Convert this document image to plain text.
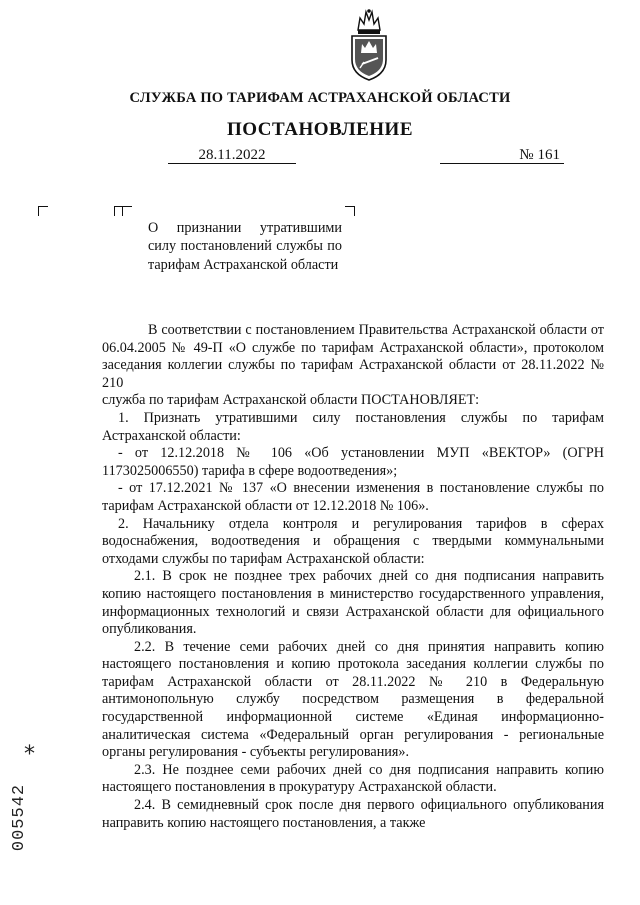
СЛУЖБА ПО ТАРИФАМ АСТРАХАНСКОЙ ОБЛАСТИ
ПОСТАНОВЛЕНИЕ
28.11.2022	№ 161
О признании утратившими силу постановлений службы по тарифам Астраханской области

В соответствии с постановлением Правительства Астраханской области от 06.04.2005 № 49-П «О службе по тарифам Астраханской области», протоколом заседания коллегии службы по тарифам Астраханской области от 28.11.2022 № 210

служба по тарифам Астраханской области ПОСТАНОВЛЯЕТ:

1. Признать утратившими силу постановления службы по тарифам Астраханской области:

- от 12.12.2018 № 106 «Об установлении МУП «ВЕКТОР» (ОГРН 1173025006550) тарифа в сфере водоотведения»;

- от 17.12.2021 № 137 «О внесении изменения в постановление службы по тарифам Астраханской области от 12.12.2018 № 106».

2. Начальнику отдела контроля и регулирования тарифов в сферах водоснабжения, водоотведения и обращения с твердыми коммунальными отходами службы по тарифам Астраханской области:

2.1. В срок не позднее трех рабочих дней со дня подписания направить копию настоящего постановления в министерство государственного управления, информационных технологий и связи Астраханской области для официального опубликования.

2.2. В течение семи рабочих дней со дня принятия направить копию настоящего постановления и копию протокола заседания коллегии службы по тарифам Астраханской области от 28.11.2022 № 210 в Федеральную антимонопольную службу посредством размещения в федеральной государственной информационной системе «Единая информационно-аналитическая система «Федеральный орган регулирования - региональные органы регулирования - субъекты регулирования».

2.3. Не позднее семи рабочих дней со дня подписания направить копию настоящего постановления в прокуратуру Астраханской области.

2.4. В семидневный срок после дня первого официального опубликования направить копию настоящего постановления, а также

*
005542
